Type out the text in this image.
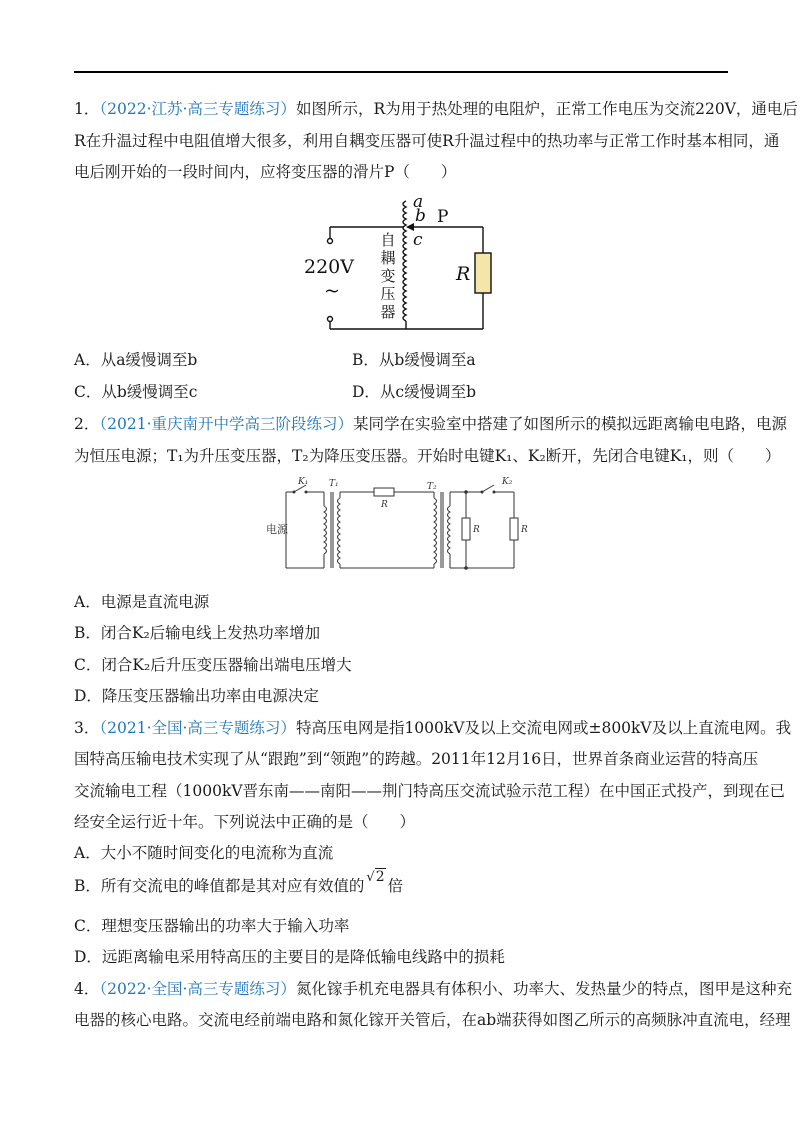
1．（2022·江苏·高三专题练习）如图所示，R为用于热处理的电阻炉，正常工作电压为交流220V，通电后
R在升温过程中电阻值增大很多，利用自耦变压器可使R升温过程中的热功率与正常工作时基本相同，通
电后刚开始的一段时间内，应将变压器的滑片P（　　）
a
b P
c
220V
~
R
自
耦
变
压
器
A．从a缓慢调至b	B．从b缓慢调至a
C．从b缓慢调至c	D．从c缓慢调至b
2．（2021·重庆南开中学高三阶段练习）某同学在实验室中搭建了如图所示的模拟远距离输电电路，电源
为恒压电源；T₁为升压变压器，T₂为降压变压器。开始时电键K₁、K₂断开，先闭合电键K₁，则（　　）
K₁ T₁
R
T₂	K₂
R	R
电源
A．电源是直流电源
B．闭合K₂后输电线上发热功率增加
C．闭合K₂后升压变压器输出端电压增大
D．降压变压器输出功率由电源决定
3．（2021·全国·高三专题练习）特高压电网是指1000kV及以上交流电网或±800kV及以上直流电网。我
国特高压输电技术实现了从“跟跑”到“领跑”的跨越。2011年12月16日，世界首条商业运营的特高压
交流输电工程（1000kV晋东南——南阳——荆门特高压交流试验示范工程）在中国正式投产，到现在已
经安全运行近十年。下列说法中正确的是（　　）
A．大小不随时间变化的电流称为直流
B．所有交流电的峰值都是其对应有效值的 √2 倍
C．理想变压器输出的功率大于输入功率
D．远距离输电采用特高压的主要目的是降低输电线路中的损耗
4．（2022·全国·高三专题练习）氮化镓手机充电器具有体积小、功率大、发热量少的特点，图甲是这种充
电器的核心电路。交流电经前端电路和氮化镓开关管后，在ab端获得如图乙所示的高频脉冲直流电，经理
